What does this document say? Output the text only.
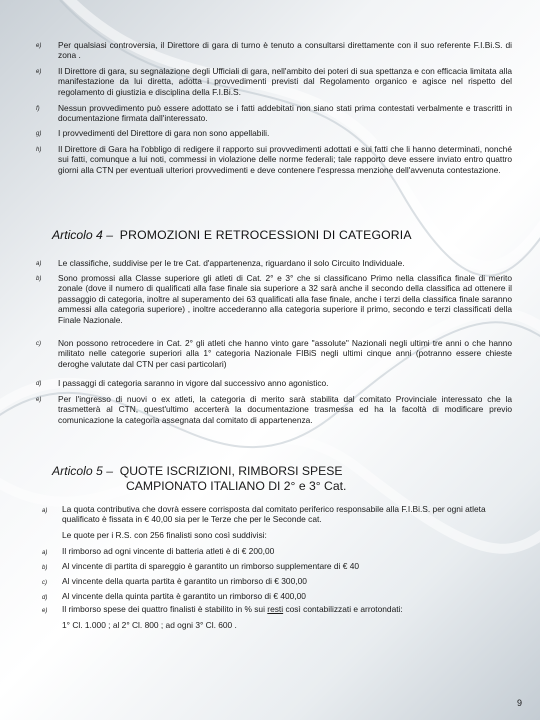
e) Per qualsiasi controversia, il Direttore di gara di turno è tenuto a consultarsi direttamente con il suo referente F.I.Bi.S. di zona .
e) Il Direttore di gara, su segnalazione degli Ufficiali di gara, nell'ambito dei poteri di sua spettanza e con efficacia limitata alla manifestazione da lui diretta, adotta i provvedimenti previsti dal Regolamento organico e agisce nel rispetto del regolamento di giustizia e disciplina della F.I.Bi.S.
f) Nessun provvedimento può essere adottato se i fatti addebitati non siano stati prima contestati verbalmente e trascritti in documentazione firmata dall'interessato.
g) I provvedimenti del Direttore di gara non sono appellabili.
h) Il Direttore di Gara ha l'obbligo di redigere il rapporto sui provvedimenti adottati e sui fatti che li hanno determinati, nonché sui fatti, comunque a lui noti, commessi in violazione delle norme federali; tale rapporto deve essere inviato entro quattro giorni alla CTN per eventuali ulteriori provvedimenti e deve contenere l'espressa menzione dell'avvenuta contestazione.
Articolo 4 – PROMOZIONI E RETROCESSIONI DI CATEGORIA
a) Le classifiche, suddivise per le tre Cat. d'appartenenza, riguardano il solo Circuito Individuale.
b) Sono promossi alla Classe superiore gli atleti di Cat. 2° e 3° che si classificano Primo nella classifica finale di merito zonale (dove il numero di qualificati alla fase finale sia superiore a 32 sarà anche il secondo della classifica ad ottenere il passaggio di categoria, inoltre al superamento dei 63 qualificati alla fase finale, anche i terzi della classifica finale saranno ammessi alla categoria superiore) , inoltre accederanno alla categoria superiore il primo, secondo e terzi classificati della Finale Nazionale.
c) Non possono retrocedere in Cat. 2° gli atleti che hanno vinto gare "assolute" Nazionali negli ultimi tre anni o che hanno militato nelle categorie superiori alla 1° categoria Nazionale FIBiS negli ultimi cinque anni (potranno essere chieste deroghe valutate dal CTN per casi particolari)
d) I passaggi di categoria saranno in vigore dal successivo anno agonistico.
e) Per l'ingresso di nuovi o ex atleti, la categoria di merito sarà stabilita dal comitato Provinciale interessato che la trasmetterà al CTN, quest'ultimo accerterà la documentazione trasmessa ed ha la facoltà di modificare previo comunicazione la categoria assegnata dal comitato di appartenenza.
Articolo 5 – QUOTE ISCRIZIONI, RIMBORSI SPESE
CAMPIONATO ITALIANO DI 2° e 3° Cat.
a) La quota contributiva che dovrà essere corrisposta dal comitato periferico responsabile alla F.I.Bi.S. per ogni atleta qualificato è fissata in € 40,00 sia per le Terze che per le Seconde cat.
Le quote per i R.S. con 256 finalisti sono così suddivisi:
a) Il rimborso ad ogni vincente di batteria atleti è di € 200,00
b) Al vincente di partita di spareggio è garantito un rimborso supplementare di € 40
c) Al vincente della quarta partita è garantito un rimborso di € 300,00
d) Al vincente della quinta partita è garantito un rimborso di € 400,00
e) Il rimborso spese dei quattro finalisti è stabilito in % sui resti così contabilizzati e arrotondati:
1° Cl. 1.000 ; al 2° Cl. 800 ; ad ogni 3° Cl. 600 .
9
